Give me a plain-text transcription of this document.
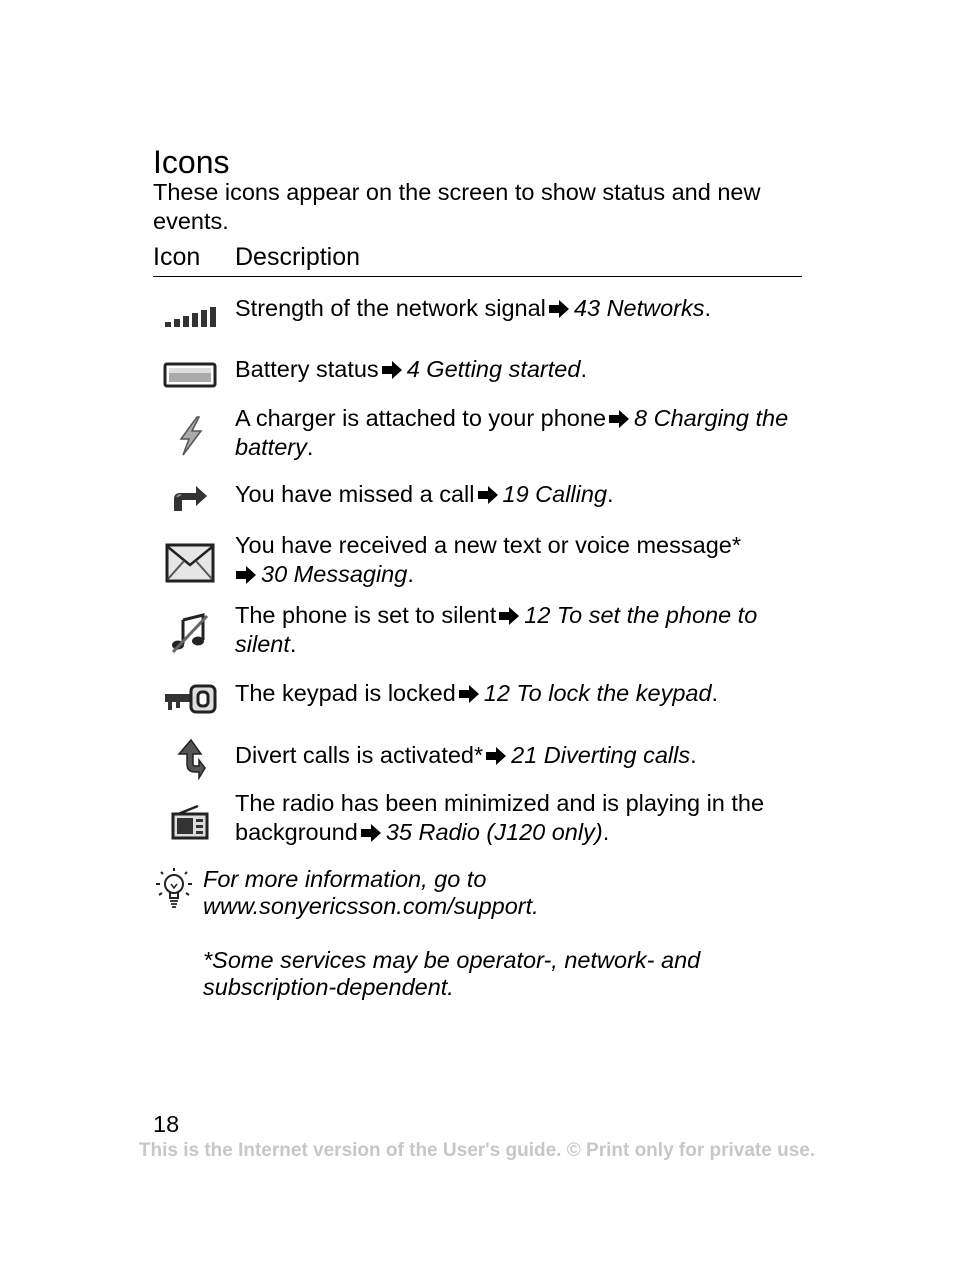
Icons

These icons appear on the screen to show status and new events.

Icon Description
Strength of the network signal 43 Networks.
Battery status 4 Getting started.
A charger is attached to your phone 8 Charging the battery.
You have missed a call 19 Calling.
You have received a new text or voice message*
30 Messaging.
The phone is set to silent 12 To set the phone to silent.
The keypad is locked 12 To lock the keypad.
Divert calls is activated* 21 Diverting calls.
The radio has been minimized and is playing in the background 35 Radio (J120 only).

For more information, go to www.sonyericsson.com/support.

*Some services may be operator-, network- and subscription-dependent.

18
This is the Internet version of the User's guide. © Print only for private use.
